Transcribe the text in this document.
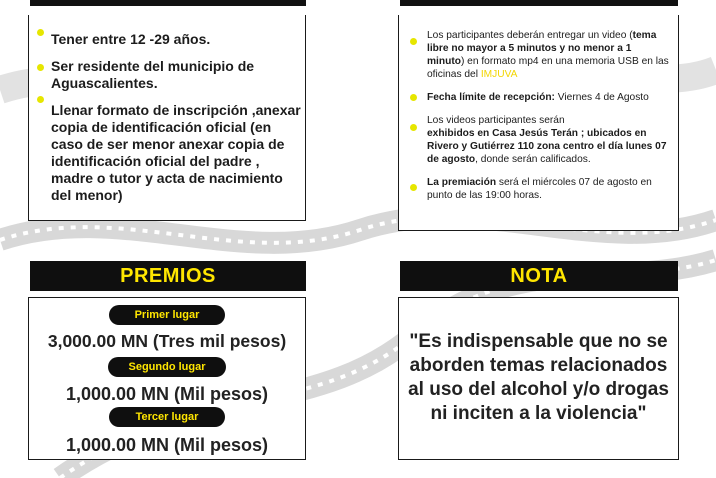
Tener entre 12 -29 años.
Ser residente del municipio de Aguascalientes.
Llenar formato de inscripción ,anexar copia de identificación oficial (en caso de ser menor anexar copia de identificación oficial del padre , madre o tutor y acta de nacimiento del menor)
Los participantes deberán entregar un video (tema libre no mayor a 5 minutos y no menor a 1 minuto) en formato mp4 en una memoria USB en las oficinas del IMJUVA
Fecha límite de recepción: Viernes 4 de Agosto
Los videos participantes serán
exhibidos en Casa Jesús Terán ; ubicados en Rivero y Gutiérrez 110 zona centro el día lunes 07 de agosto, donde serán calificados.
La premiación será el miércoles 07 de agosto en punto de las 19:00 horas.
PREMIOS
Primer lugar
3,000.00 MN (Tres mil pesos)
Segundo lugar
1,000.00 MN (Mil pesos)
Tercer lugar
1,000.00 MN (Mil pesos)
NOTA
"Es indispensable que no se
aborden temas relacionados
al uso del alcohol y/o drogas
ni inciten a la violencia"
